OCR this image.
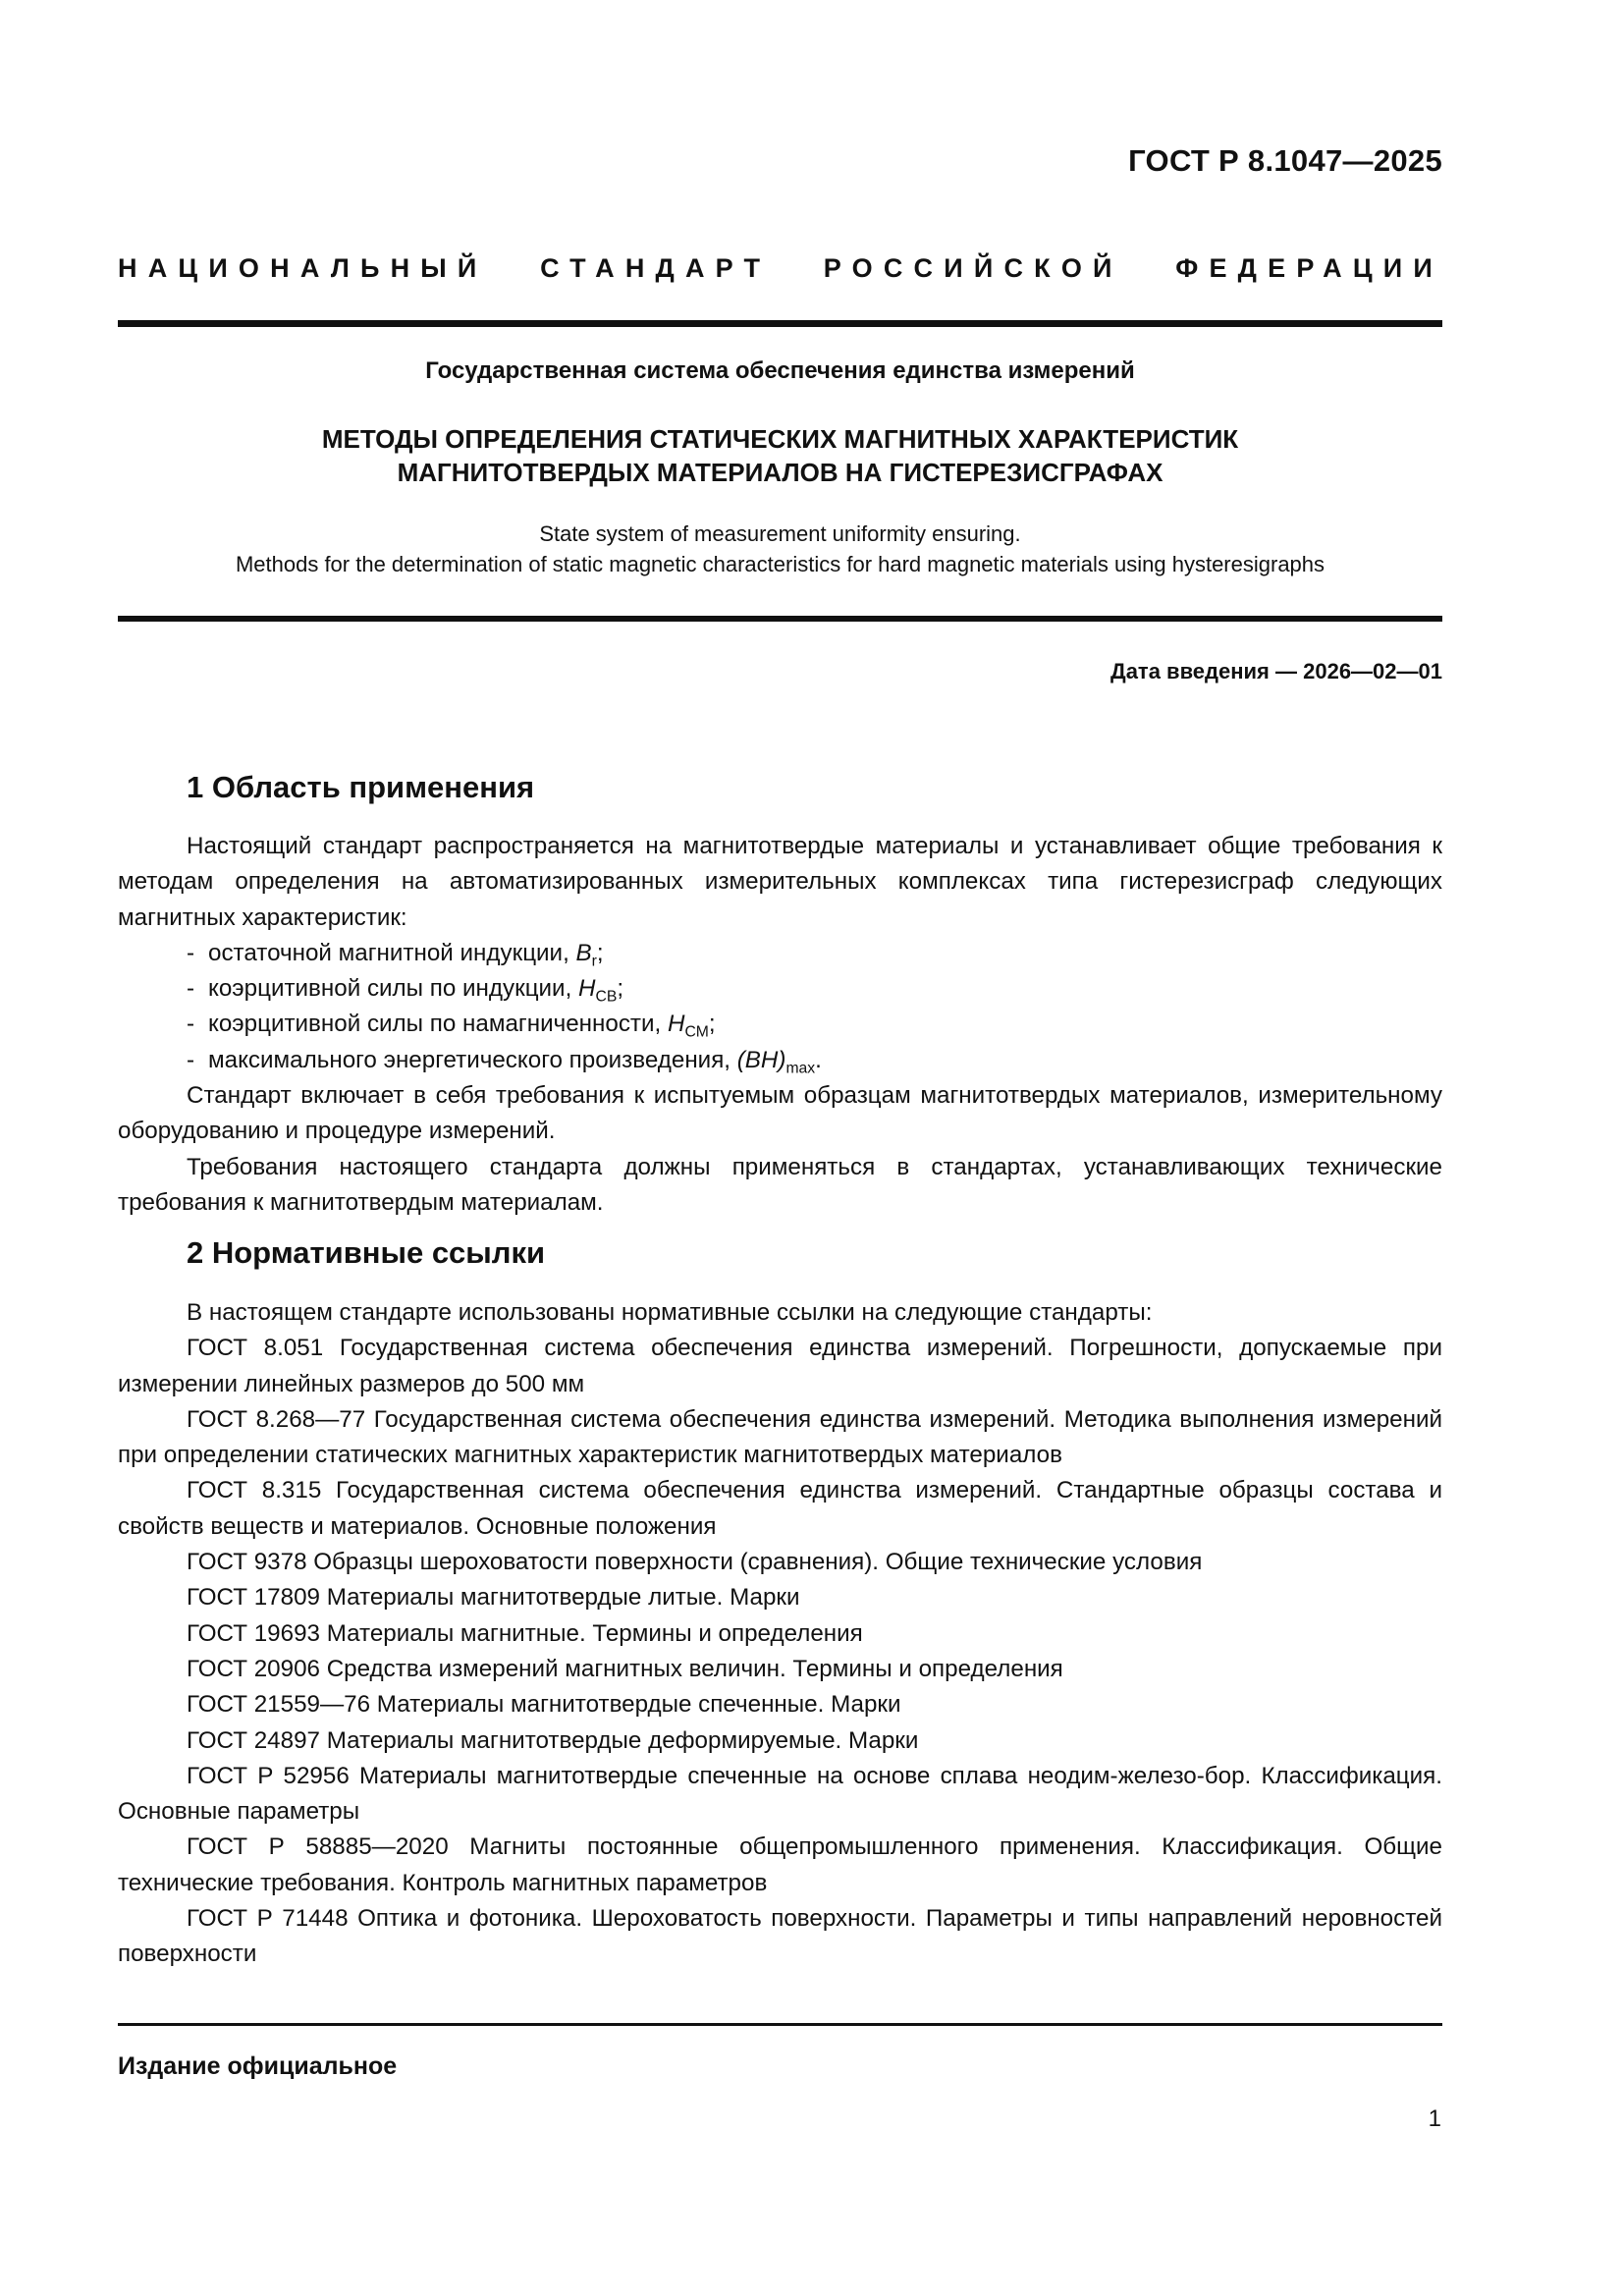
ГОСТ Р 8.1047—2025
НАЦИОНАЛЬНЫЙ СТАНДАРТ РОССИЙСКОЙ ФЕДЕРАЦИИ
Государственная система обеспечения единства измерений
МЕТОДЫ ОПРЕДЕЛЕНИЯ СТАТИЧЕСКИХ МАГНИТНЫХ ХАРАКТЕРИСТИК
МАГНИТОТВЕРДЫХ МАТЕРИАЛОВ НА ГИСТЕРЕЗИСГРАФАХ
State system of measurement uniformity ensuring.
Methods for the determination of static magnetic characteristics for hard magnetic materials using hysteresigraphs
Дата введения — 2026—02—01
1 Область применения

Настоящий стандарт распространяется на магнитотвердые материалы и устанавливает общие требования к методам определения на автоматизированных измерительных комплексах типа гистерезисграф следующих магнитных характеристик:

- остаточной магнитной индукции, $B_r$;

- коэрцитивной силы по индукции, $H_{CB}$;

- коэрцитивной силы по намагниченности, $H_{CM}$;

- максимального энергетического произведения, $(BH)_{max}$.

Стандарт включает в себя требования к испытуемым образцам магнитотвердых материалов, измерительному оборудованию и процедуре измерений.

Требования настоящего стандарта должны применяться в стандартах, устанавливающих технические требования к магнитотвердым материалам.

2 Нормативные ссылки

В настоящем стандарте использованы нормативные ссылки на следующие стандарты:

ГОСТ 8.051 Государственная система обеспечения единства измерений. Погрешности, допускаемые при измерении линейных размеров до 500 мм

ГОСТ 8.268—77 Государственная система обеспечения единства измерений. Методика выполнения измерений при определении статических магнитных характеристик магнитотвердых материалов

ГОСТ 8.315 Государственная система обеспечения единства измерений. Стандартные образцы состава и свойств веществ и материалов. Основные положения

ГОСТ 9378 Образцы шероховатости поверхности (сравнения). Общие технические условия

ГОСТ 17809 Материалы магнитотвердые литые. Марки

ГОСТ 19693 Материалы магнитные. Термины и определения

ГОСТ 20906 Средства измерений магнитных величин. Термины и определения

ГОСТ 21559—76 Материалы магнитотвердые спеченные. Марки

ГОСТ 24897 Материалы магнитотвердые деформируемые. Марки

ГОСТ Р 52956 Материалы магнитотвердые спеченные на основе сплава неодим-железо-бор. Классификация. Основные параметры

ГОСТ Р 58885—2020 Магниты постоянные общепромышленного применения. Классификация. Общие технические требования. Контроль магнитных параметров

ГОСТ Р 71448 Оптика и фотоника. Шероховатость поверхности. Параметры и типы направлений неровностей поверхности

Издание официальное
1
